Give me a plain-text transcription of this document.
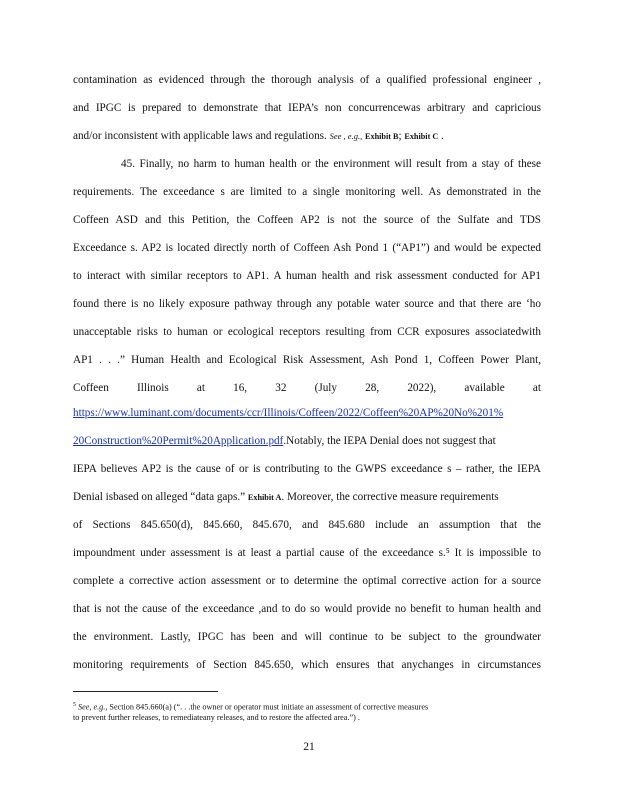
contamination as evidenced through the thorough analysis of a qualified professional engineer ,
and IPGC is prepared to demonstrate that IEPA’s non concurrencewas arbitrary and capricious
and/or inconsistent with applicable laws and regulations. See , e.g., Exhibit B; Exhibit C .
45. Finally, no harm to human health or the environment will result from a stay of these
requirements. The exceedance s are limited to a single monitoring well. As demonstrated in the
Coffeen ASD and this Petition, the Coffeen AP2 is not the source of the Sulfate and TDS
Exceedance s. AP2 is located directly north of Coffeen Ash Pond 1 (“AP1”) and would be expected
to interact with similar receptors to AP1. A human health and risk assessment conducted for AP1
found there is no likely exposure pathway through any potable water source and that there are ‘ho
unacceptable risks to human or ecological receptors resulting from CCR exposures associatedwith
AP1 . . .” Human Health and Ecological Risk Assessment, Ash Pond 1, Coffeen Power Plant,
Coffeen Illinois at 16, 32 (July 28, 2022), available at
https://www.luminant.com/documents/ccr/Illinois/Coffeen/2022/Coffeen%20AP%20No%201%
20Construction%20Permit%20Application.pdf.Notably, the IEPA Denial does not suggest that
IEPA believes AP2 is the cause of or is contributing to the GWPS exceedance s – rather, the IEPA
Denial isbased on alleged “data gaps.” Exhibit A. Moreover, the corrective measure requirements
of Sections 845.650(d), 845.660, 845.670, and 845.680 include an assumption that the
impoundment under assessment is at least a partial cause of the exceedance s.⁵ It is impossible to
complete a corrective action assessment or to determine the optimal corrective action for a source
that is not the cause of the exceedance ,and to do so would provide no benefit to human health and
the environment. Lastly, IPGC has been and will continue to be subject to the groundwater
monitoring requirements of Section 845.650, which ensures that anychanges in circumstances
$^5$ See, e.g., Section 845.660(a) (“. . .the owner or operator must initiate an assessment of corrective measures
to prevent further releases, to remediateany releases, and to restore the affected area.”) .
21
